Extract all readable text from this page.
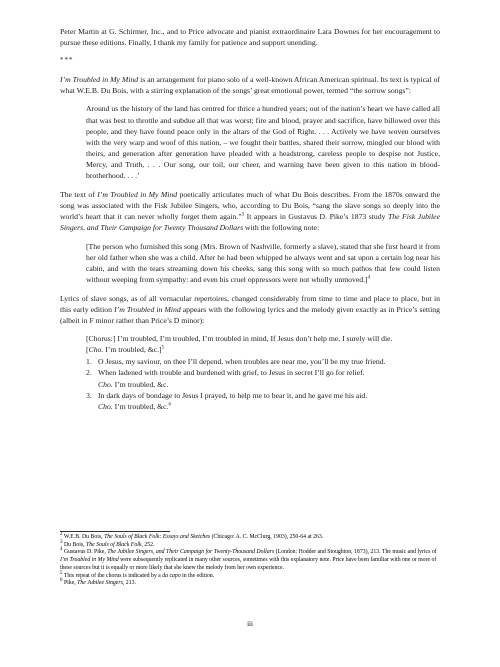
Peter Martin at G. Schirmer, Inc., and to Price advocate and pianist extraordinaire Lara Downes for her encouragement to pursue these editions. Finally, I thank my family for patience and support unending.

***

I’m Troubled in My Mind is an arrangement for piano solo of a well-known African American spiritual. Its text is typical of what W.E.B. Du Bois, with a stirring explanation of the songs’ great emotional power, termed “the sorrow songs”:

Around us the history of the land has centred for thrice a hundred years; out of the nation’s heart we have called all that was best to throttle and subdue all that was worst; fire and blood, prayer and sacrifice, have billowed over this people, and they have found peace only in the altars of the God of Right. . . . Actively we have woven ourselves with the very warp and woof of this nation, – we fought their battles, shared their sorrow, mingled our blood with theirs, and generation after generation have pleaded with a headstrong, careless people to despise not Justice, Mercy, and Truth, . . . Our song, our toil, our cheer, and warning have been given to this nation in blood-brotherhood. . . .’

The text of I’m Troubled in My Mind poetically articulates much of what Du Bois describes. From the 1870s onward the song was associated with the Fisk Jubilee Singers, who, according to Du Bois, “sang the slave songs so deeply into the world’s heart that it can never wholly forget them again.”$^3$ It appears in Gustavus D. Pike’s 1873 study The Fisk Jubilee Singers, and Their Campaign for Twenty Thousand Dollars with the following note:

[The person who furnished this song (Mrs. Brown of Nashville, formerly a slave), stated that she first heard it from her old father when she was a child. After he had been whipped he always went and sat upon a certain log near his cabin, and with the tears streaming down his cheeks, sang this song with so much pathos that few could listen without weeping from sympathy: and even his cruel oppressors were not wholly unmoved.]$^4$

Lyrics of slave songs, as of all vernacular repertoires, changed considerably from time to time and place to place, but in this early edition I’m Troubled in Mind appears with the following lyrics and the melody given exactly as in Price’s setting (albeit in F minor rather than Price’s D minor):

[Chorus:] I’m troubled, I’m troubled, I’m troubled in mind, If Jesus don’t help me, I surely will die.

[Cho. I’m troubled, &c.]$^5$

1. O Jesus, my saviour, on thee I’ll depend, when troubles are near me, you’ll be my true friend.
2. When ladened with trouble and burdened with grief, to Jesus in secret I’ll go for relief.
Cho. I’m troubled, &c.
3. In dark days of bondage to Jesus I prayed, to help me to bear it, and he gave me his aid.
Cho. I’m troubled, &c.$^6$

$^2$ W.E.B. Du Bois, The Souls of Black Folk: Essays and Sketches (Chicago: A. C. McClurg, 1903), 250-64 at 263.

$^3$ Du Bois, The Souls of Black Folk, 252.

$^4$ Gustavus D. Pike, The Jubilee Singers, and Their Campaign for Twenty-Thousand Dollars (London: Hodder and Stoughton, 1873), 213. The music and lyrics of I’m Troubled in My Mind were subsequently replicated in many other sources, sometimes with this explanatory note. Price have been familiar with one or more of these sources but it is equally or more likely that she knew the melody from her own experience.

$^5$ This repeat of the chorus is indicated by a da capo in the edition.

$^6$ Pike, The Jubilee Singers, 213.

iii
